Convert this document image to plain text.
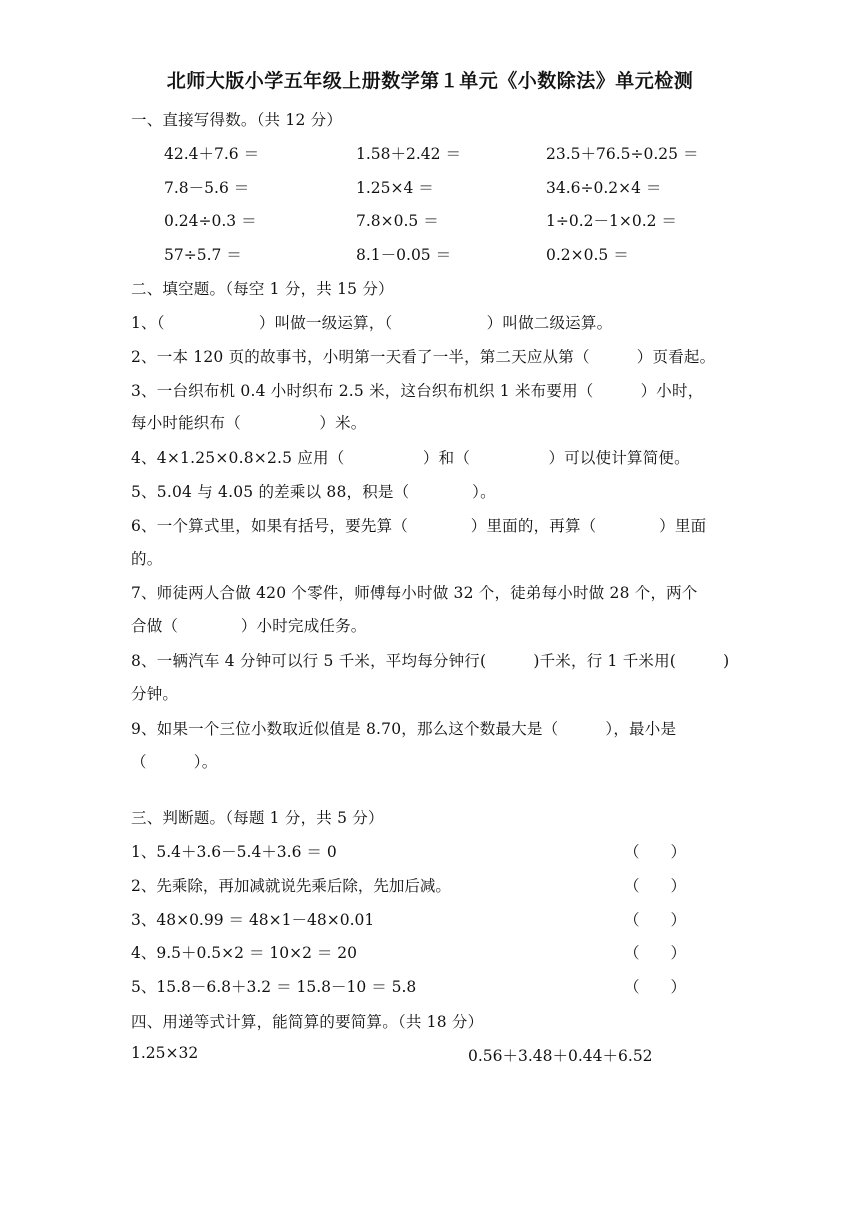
北师大版小学五年级上册数学第１单元《小数除法》单元检测
一、直接写得数。（共 12 分）
42.4＋7.6 ＝	1.58＋2.42 ＝	23.5＋76.5÷0.25 ＝
7.8－5.6 ＝	1.25×4 ＝	34.6÷0.2×4 ＝
0.24÷0.3 ＝	7.8×0.5 ＝	1÷0.2－1×0.2 ＝
57÷5.7 ＝	8.1－0.05 ＝	0.2×0.5 ＝
二、填空题。（每空 1 分，共 15 分）
1、（　　　　　　）叫做一级运算，（　　　　　　）叫做二级运算。
2、一本 120 页的故事书，小明第一天看了一半，第二天应从第（　　　）页看起。
3、一台织布机 0.4 小时织布 2.5 米，这台织布机织 1 米布要用（　　　）小时，
每小时能织布（　　　　　）米。
4、4×1.25×0.8×2.5 应用（　　　　　）和（　　　　　）可以使计算简便。
5、5.04 与 4.05 的差乘以 88，积是（　　　　）。
6、一个算式里，如果有括号，要先算（　　　　）里面的，再算（　　　　）里面
的。
7、师徒两人合做 420 个零件，师傅每小时做 32 个，徒弟每小时做 28 个，两个
合做（　　　　）小时完成任务。
8、一辆汽车 4 分钟可以行 5 千米，平均每分钟行(　　　)千米，行 1 千米用(　　　)
分钟。
9、如果一个三位小数取近似值是 8.70，那么这个数最大是（　　　），最小是
（　　　）。
三、判断题。（每题 1 分，共 5 分）
1、5.4＋3.6－5.4＋3.6 ＝ 0	（　　）
2、先乘除，再加减就说先乘后除，先加后减。	（　　）
3、48×0.99 ＝ 48×1－48×0.01	（　　）
4、9.5＋0.5×2 ＝ 10×2 ＝ 20	（　　）
5、15.8－6.8＋3.2 ＝ 15.8－10 ＝ 5.8	（　　）
四、用递等式计算，能简算的要简算。（共 18 分）
1.25×32	0.56＋3.48＋0.44＋6.52
